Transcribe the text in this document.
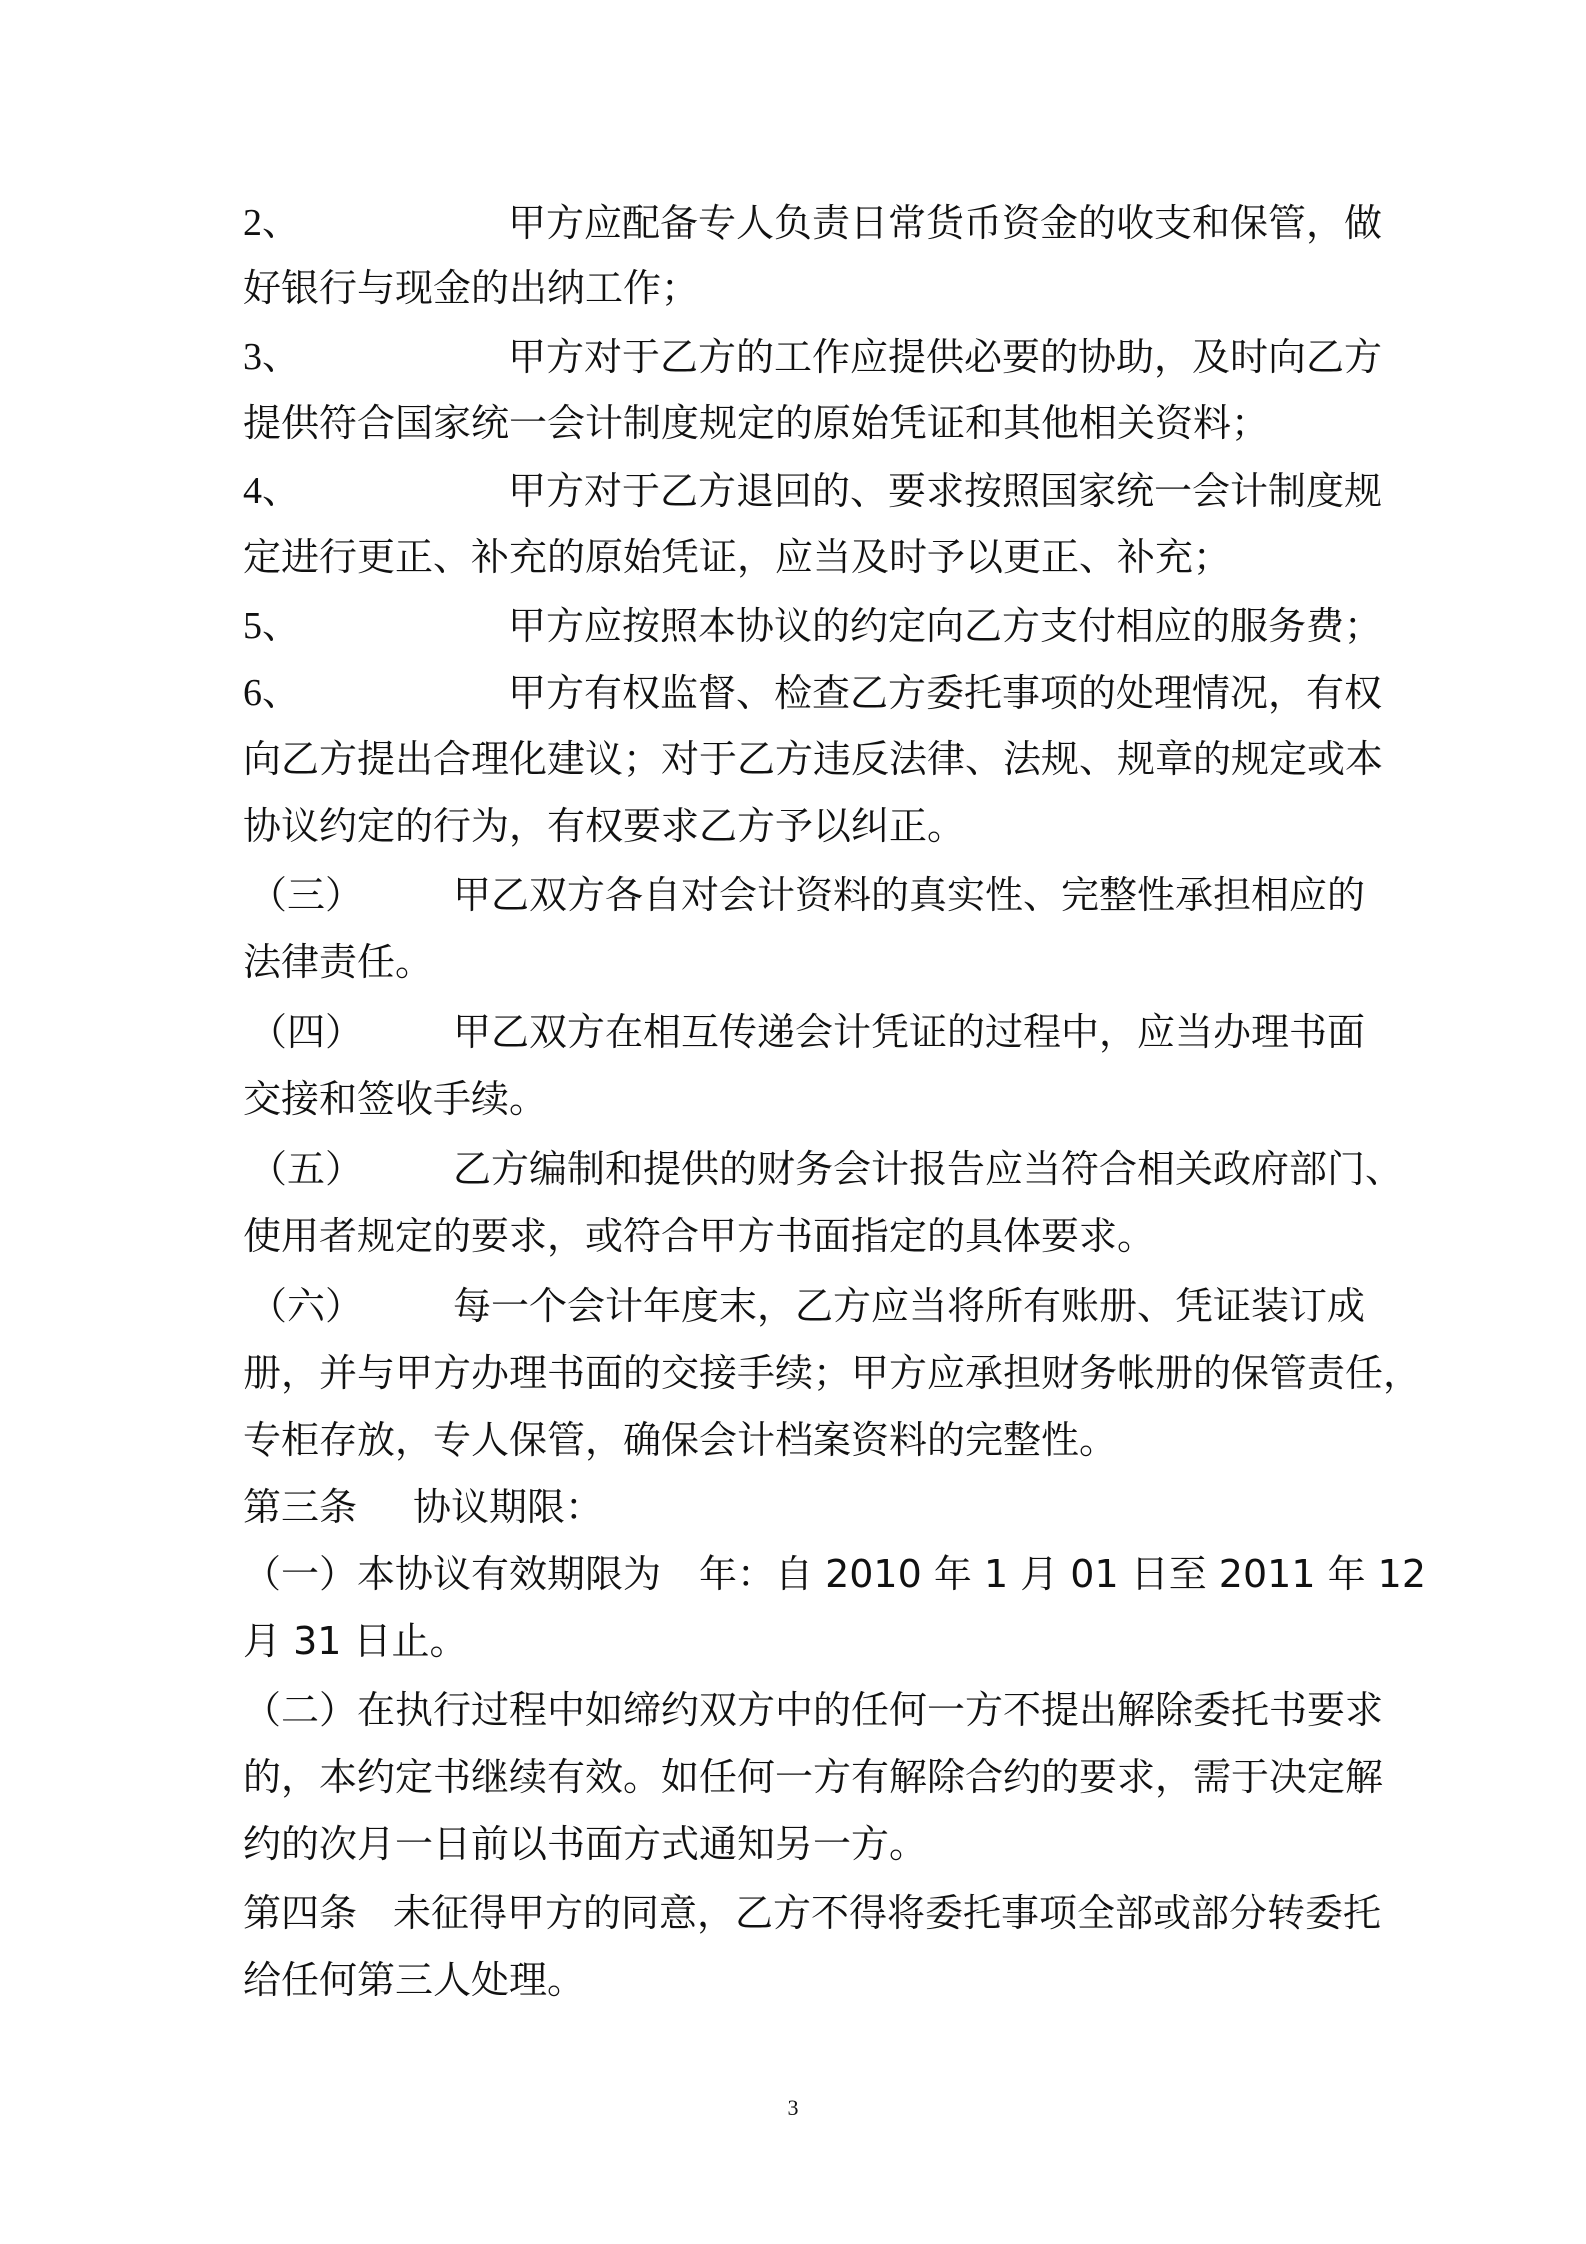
2、	甲方应配备专人负责日常货币资金的收支和保管，做
好银行与现金的出纳工作；
3、	甲方对于乙方的工作应提供必要的协助，及时向乙方
提供符合国家统一会计制度规定的原始凭证和其他相关资料；
4、	甲方对于乙方退回的、要求按照国家统一会计制度规
定进行更正、补充的原始凭证，应当及时予以更正、补充；
5、	甲方应按照本协议的约定向乙方支付相应的服务费；
6、	甲方有权监督、检查乙方委托事项的处理情况，有权
向乙方提出合理化建议；对于乙方违反法律、法规、规章的规定或本
协议约定的行为，有权要求乙方予以纠正。
（三） 甲乙双方各自对会计资料的真实性、完整性承担相应的
法律责任。
（四） 甲乙双方在相互传递会计凭证的过程中，应当办理书面
交接和签收手续。
（五） 乙方编制和提供的财务会计报告应当符合相关政府部门、
使用者规定的要求，或符合甲方书面指定的具体要求。
（六） 每一个会计年度末，乙方应当将所有账册、凭证装订成
册，并与甲方办理书面的交接手续；甲方应承担财务帐册的保管责任，
专柜存放，专人保管，确保会计档案资料的完整性。
第三条 协议期限：
（一）本协议有效期限为　年：自 2010 年 1 月 01 日至 2011 年 12
月 31 日止。
（二）在执行过程中如缔约双方中的任何一方不提出解除委托书要求
的，本约定书继续有效。如任何一方有解除合约的要求，需于决定解
约的次月一日前以书面方式通知另一方。
第四条 未征得甲方的同意，乙方不得将委托事项全部或部分转委托
给任何第三人处理。
3
